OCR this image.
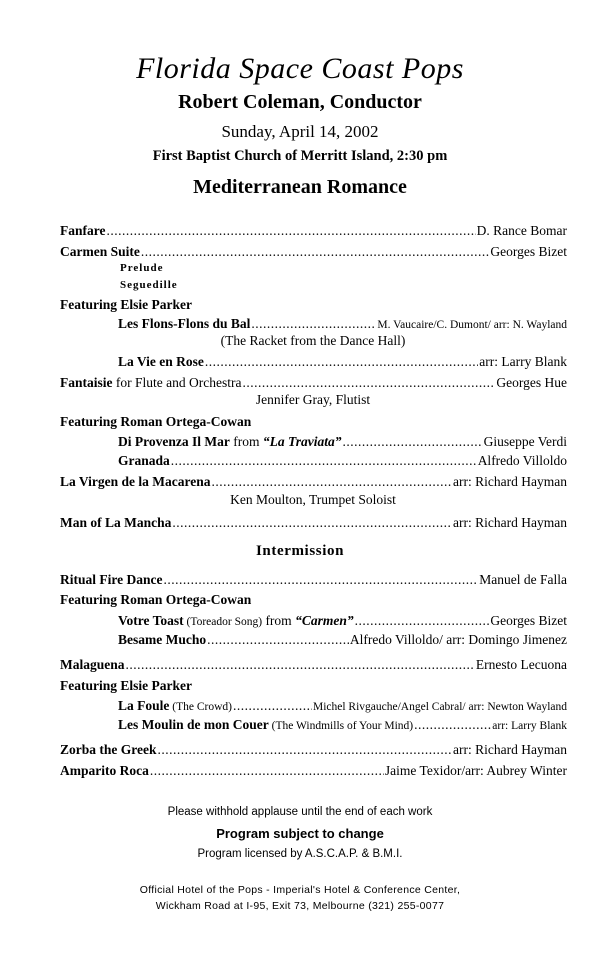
Florida Space Coast Pops
Robert Coleman, Conductor
Sunday, April 14, 2002
First Baptist Church of Merritt Island, 2:30 pm
Mediterranean Romance
Fanfare .....	D. Rance Bomar
Carmen Suite .....	Georges Bizet
Prelude
Seguedille
Featuring Elsie Parker
Les Flons-Flons du Bal .....	M. Vaucaire/C. Dumont/ arr: N. Wayland
(The Racket from the Dance Hall)
La Vie en Rose .....	arr: Larry Blank
Fantaisie for Flute and Orchestra .....	Georges Hue
Jennifer Gray, Flutist
Featuring Roman Ortega-Cowan
Di Provenza Il Mar from “La Traviata” .....	Giuseppe Verdi
Granada .....	Alfredo Villoldo
La Virgen de la Macarena .....	arr: Richard Hayman
Ken Moulton, Trumpet Soloist
Man of La Mancha .....	arr: Richard Hayman
Intermission
Ritual Fire Dance .....	Manuel de Falla
Featuring Roman Ortega-Cowan
Votre Toast (Toreador Song) from “Carmen” .....	Georges Bizet
Besame Mucho .....	Alfredo Villoldo/ arr: Domingo Jimenez
Malaguena .....	Ernesto Lecuona
Featuring Elsie Parker
La Foule (The Crowd) .....	Michel Rivgauche/Angel Cabral/ arr: Newton Wayland
Les Moulin de mon Couer (The Windmills of Your Mind) .....	arr: Larry Blank
Zorba the Greek .....	arr: Richard Hayman
Amparito Roca .....	Jaime Texidor/arr: Aubrey Winter
Please withhold applause until the end of each work
Program subject to change
Program licensed by A.S.C.A.P. & B.M.I.
Official Hotel of the Pops - Imperial's Hotel & Conference Center,
Wickham Road at I-95, Exit 73, Melbourne (321) 255-0077
